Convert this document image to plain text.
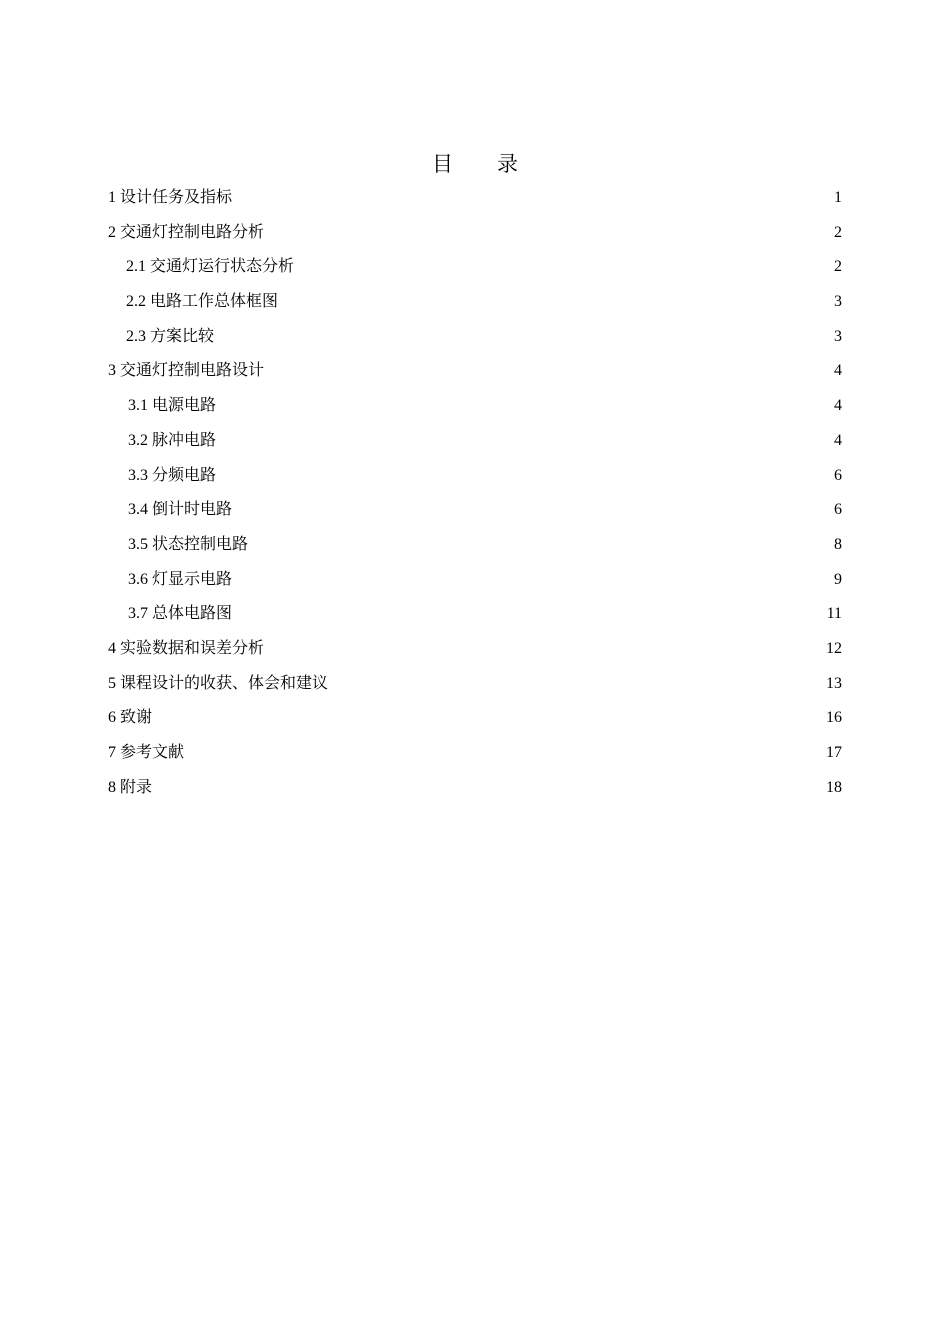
目 录
1 设计任务及指标	1
2 交通灯控制电路分析	2
2.1 交通灯运行状态分析	2
2.2 电路工作总体框图	3
2.3 方案比较	3
3 交通灯控制电路设计	4
3.1 电源电路	4
3.2 脉冲电路	4
3.3 分频电路	6
3.4 倒计时电路	6
3.5 状态控制电路	8
3.6 灯显示电路	9
3.7 总体电路图	11
4 实验数据和误差分析	12
5 课程设计的收获、体会和建议	13
6 致谢	16
7 参考文献	17
8 附录	18
